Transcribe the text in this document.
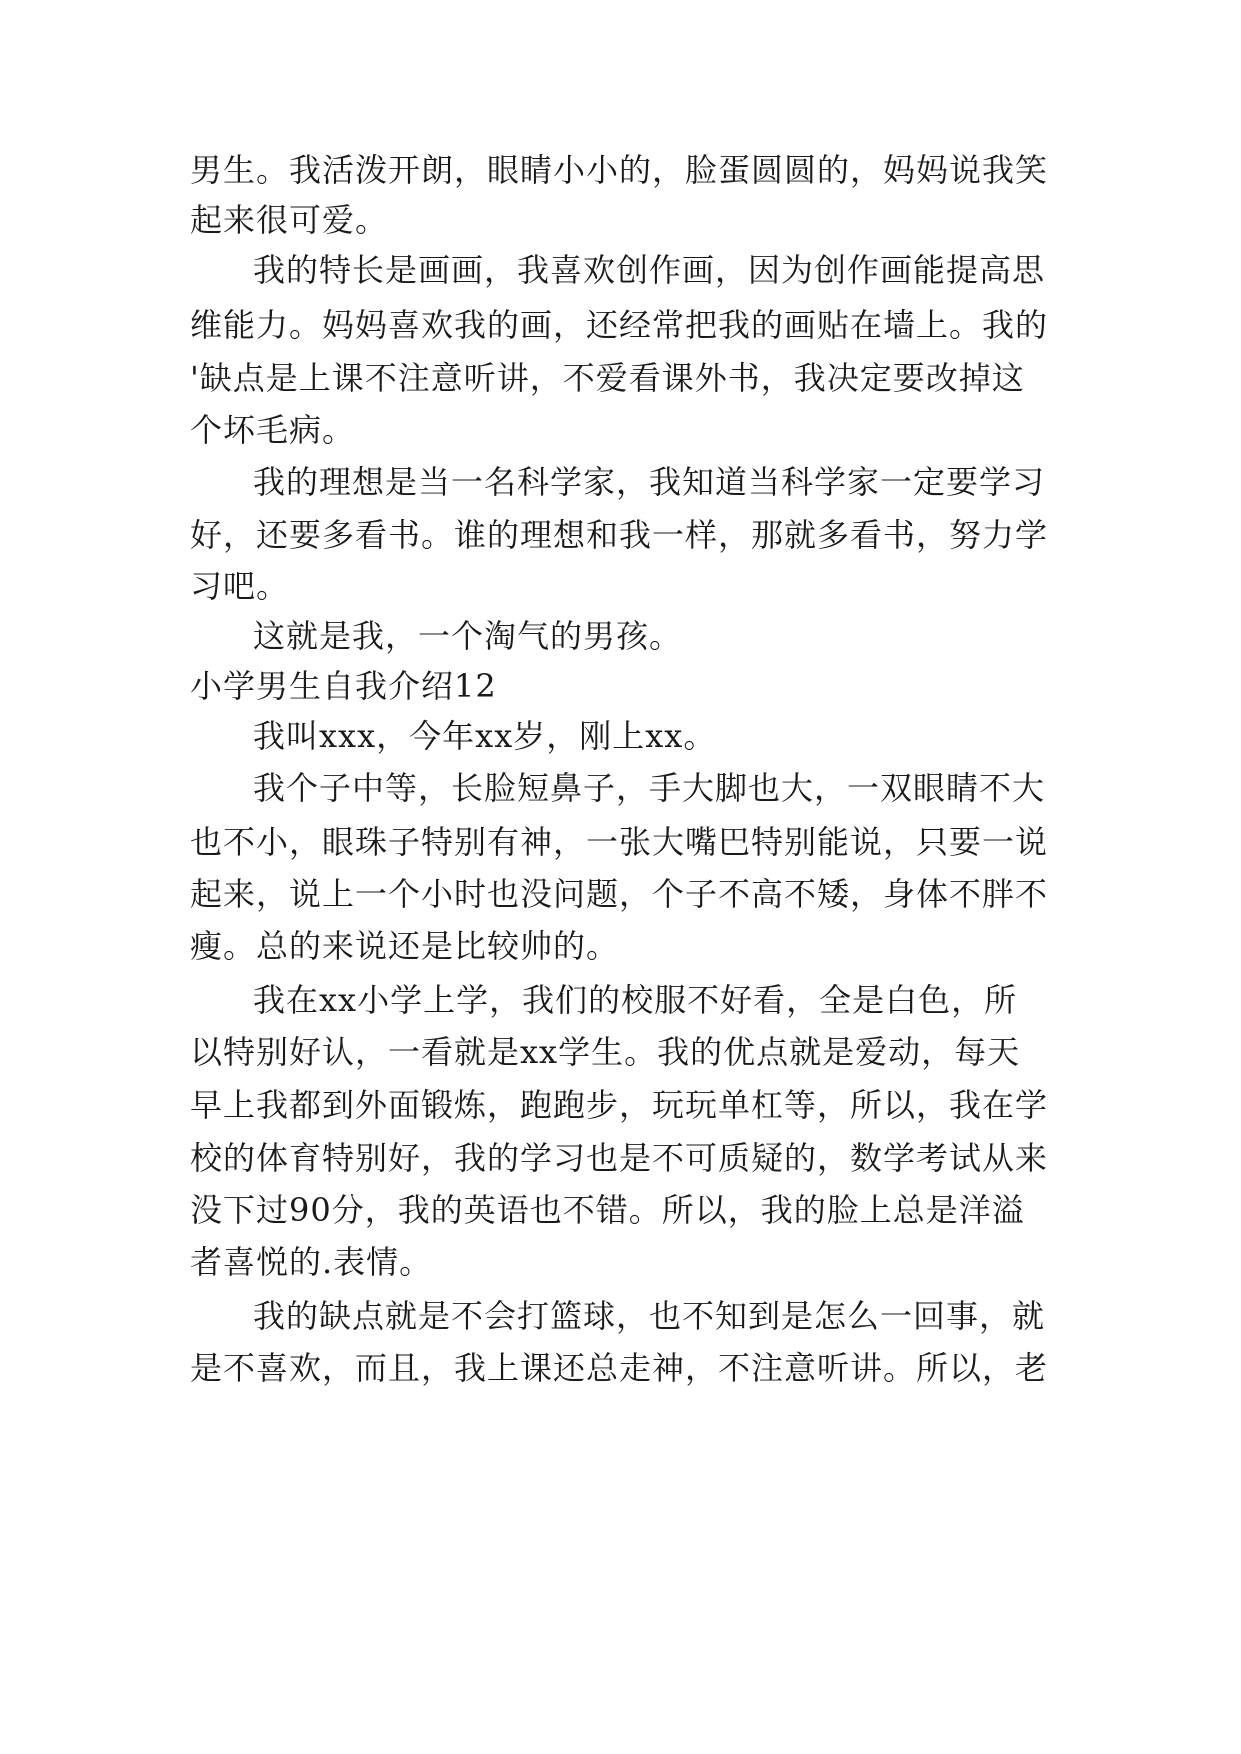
男生。我活泼开朗，眼睛小小的，脸蛋圆圆的，妈妈说我笑
起来很可爱。
我的特长是画画，我喜欢创作画，因为创作画能提高思
维能力。妈妈喜欢我的画，还经常把我的画贴在墙上。我的
'缺点是上课不注意听讲，不爱看课外书，我决定要改掉这
个坏毛病。
我的理想是当一名科学家，我知道当科学家一定要学习
好，还要多看书。谁的理想和我一样，那就多看书，努力学
习吧。
这就是我，一个淘气的男孩。
小学男生自我介绍12
我叫xxx，今年xx岁，刚上xx。
我个子中等，长脸短鼻子，手大脚也大，一双眼睛不大
也不小，眼珠子特别有神，一张大嘴巴特别能说，只要一说
起来，说上一个小时也没问题，个子不高不矮，身体不胖不
瘦。总的来说还是比较帅的。
我在xx小学上学，我们的校服不好看，全是白色，所
以特别好认，一看就是xx学生。我的优点就是爱动，每天
早上我都到外面锻炼，跑跑步，玩玩单杠等，所以，我在学
校的体育特别好，我的学习也是不可质疑的，数学考试从来
没下过90分，我的英语也不错。所以，我的脸上总是洋溢
者喜悦的.表情。
我的缺点就是不会打篮球，也不知到是怎么一回事，就
是不喜欢，而且，我上课还总走神，不注意听讲。所以，老
